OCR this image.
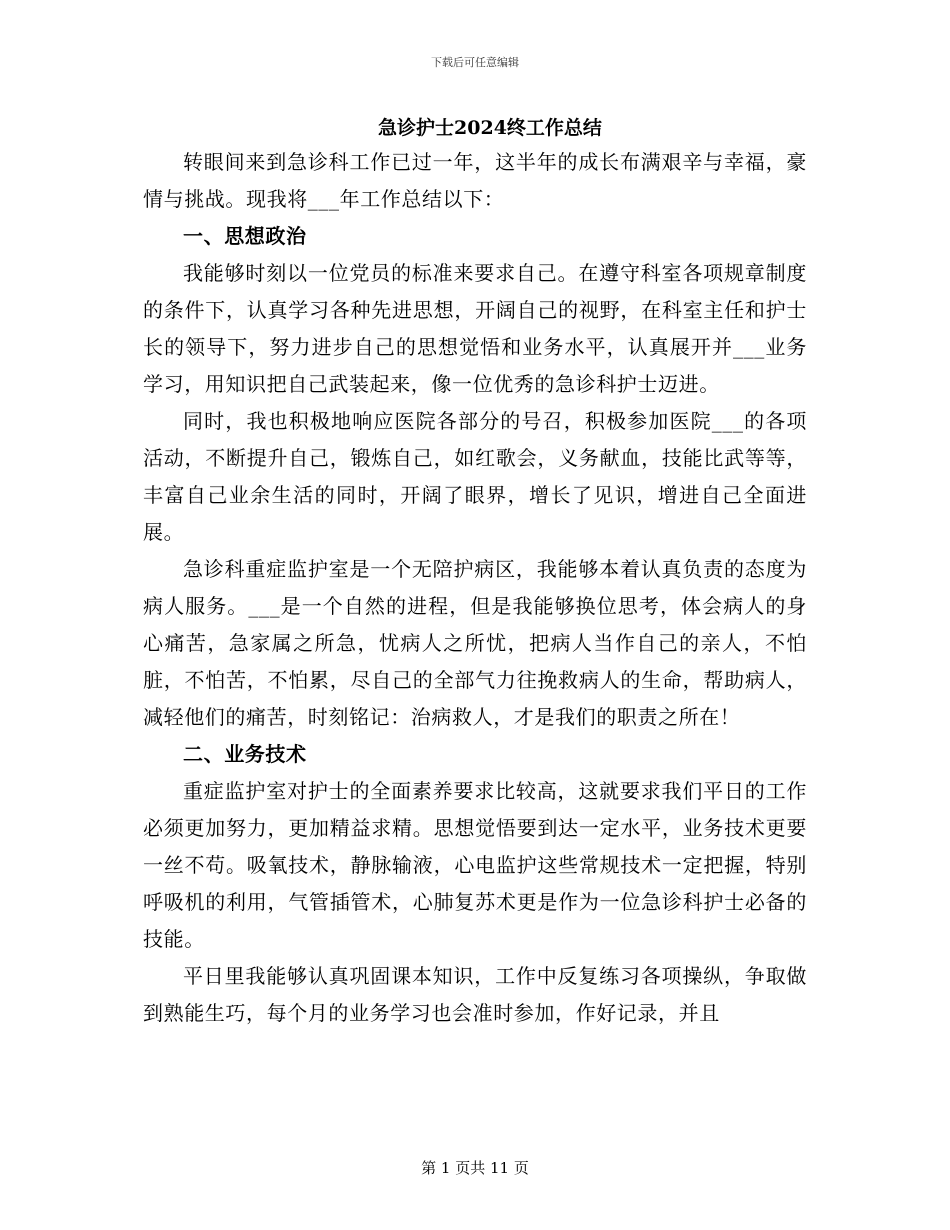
下载后可任意编辑
急诊护士2024终工作总结

转眼间来到急诊科工作已过一年，这半年的成长布满艰辛与幸福，豪情与挑战。现我将___年工作总结以下：

一、思想政治

我能够时刻以一位党员的标准来要求自己。在遵守科室各项规章制度的条件下，认真学习各种先进思想，开阔自己的视野，在科室主任和护士长的领导下，努力进步自己的思想觉悟和业务水平，认真展开并___业务学习，用知识把自己武装起来，像一位优秀的急诊科护士迈进。

同时，我也积极地响应医院各部分的号召，积极参加医院___的各项活动，不断提升自己，锻炼自己，如红歌会，义务献血，技能比武等等，丰富自己业余生活的同时，开阔了眼界，增长了见识，增进自己全面进展。

急诊科重症监护室是一个无陪护病区，我能够本着认真负责的态度为病人服务。___是一个自然的进程，但是我能够换位思考，体会病人的身心痛苦，急家属之所急，忧病人之所忧，把病人当作自己的亲人，不怕脏，不怕苦，不怕累，尽自己的全部气力往挽救病人的生命，帮助病人，减轻他们的痛苦，时刻铭记：治病救人，才是我们的职责之所在！

二、业务技术

重症监护室对护士的全面素养要求比较高，这就要求我们平日的工作必须更加努力，更加精益求精。思想觉悟要到达一定水平，业务技术更要一丝不苟。吸氧技术，静脉输液，心电监护这些常规技术一定把握，特别呼吸机的利用，气管插管术，心肺复苏术更是作为一位急诊科护士必备的技能。

平日里我能够认真巩固课本知识，工作中反复练习各项操纵，争取做到熟能生巧，每个月的业务学习也会准时参加，作好记录，并且

第 1 页共 11 页
